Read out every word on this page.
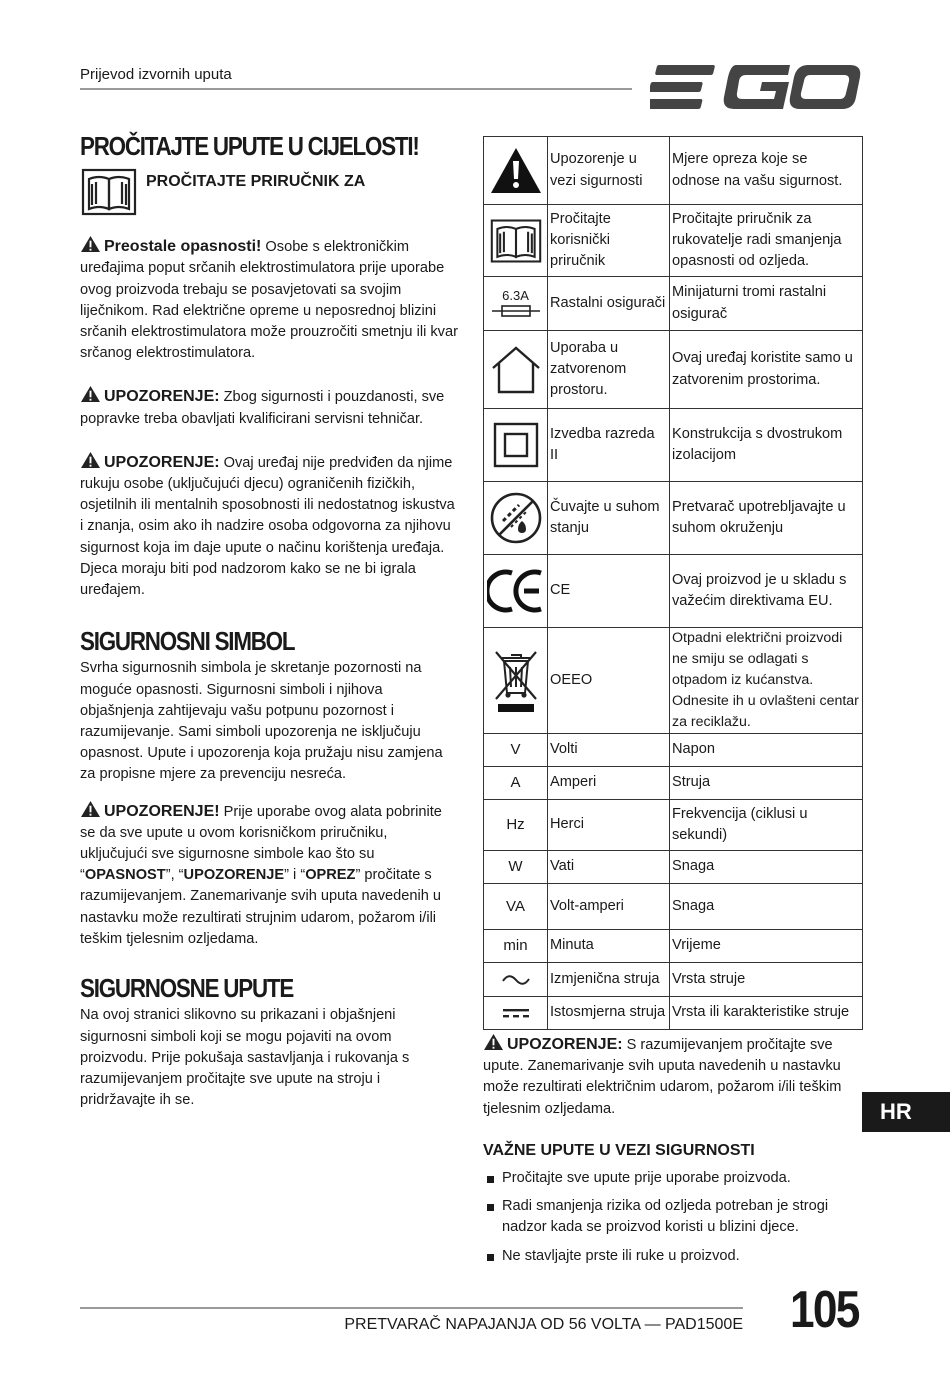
Prijevod izvornih uputa
PROČITAJTE UPUTE U CIJELOSTI!
PROČITAJTE PRIRUČNIK ZA

Preostale opasnosti! Osobe s elektroničkim uređajima poput srčanih elektrostimulatora prije uporabe ovog proizvoda trebaju se posavjetovati sa svojim liječnikom. Rad električne opreme u neposrednoj blizini srčanih elektrostimulatora može prouzročiti smetnju ili kvar srčanog elektrostimulatora.

UPOZORENJE: Zbog sigurnosti i pouzdanosti, sve popravke treba obavljati kvalificirani servisni tehničar.

UPOZORENJE: Ovaj uređaj nije predviđen da njime rukuju osobe (uključujući djecu) ograničenih fizičkih, osjetilnih ili mentalnih sposobnosti ili nedostatnog iskustva i znanja, osim ako ih nadzire osoba odgovorna za njihovu sigurnost koja im daje upute o načinu korištenja uređaja. Djeca moraju biti pod nadzorom kako se ne bi igrala uređajem.

SIGURNOSNI SIMBOL

Svrha sigurnosnih simbola je skretanje pozornosti na moguće opasnosti. Sigurnosni simboli i njihova objašnjenja zahtijevaju vašu potpunu pozornost i razumijevanje. Sami simboli upozorenja ne isključuju opasnost. Upute i upozorenja koja pružaju nisu zamjena za propisne mjere za prevenciju nesreća.

UPOZORENJE! Prije uporabe ovog alata pobrinite se da sve upute u ovom korisničkom priručniku, uključujući sve sigurnosne simbole kao što su “OPASNOST”, “UPOZORENJE” i “OPREZ” pročitate s razumijevanjem. Zanemarivanje svih uputa navedenih u nastavku može rezultirati strujnim udarom, požarom i/ili teškim tjelesnim ozljedama.

SIGURNOSNE UPUTE

Na ovoj stranici slikovno su prikazani i objašnjeni sigurnosni simboli koji se mogu pojaviti na ovom proizvodu. Prije pokušaja sastavljanja i rukovanja s razumijevanjem pročitajte sve upute na stroju i pridržavajte ih se.

	Upozorenje u vezi sigurnosti	Mjere opreza koje se odnose na vašu sigurnost.

	Pročitajte korisnički priručnik	Pročitajte priručnik za rukovatelje radi smanjenja opasnosti od ozljeda.

6.3A	Rastalni osigurači	Minijaturni tromi rastalni osigurač

	Uporaba u zatvorenom prostoru.	Ovaj uređaj koristite samo u zatvorenim prostorima.

	Izvedba razreda II	Konstrukcija s dvostrukom izolacijom

	Čuvajte u suhom stanju	Pretvarač upotrebljavajte u suhom okruženju

	CE	Ovaj proizvod je u skladu s važećim direktivama EU.

	OEEO	Otpadni električni proizvodi ne smiju se odlagati s otpadom iz kućanstva. Odnesite ih u ovlašteni centar za reciklažu.
V	Volti	Napon
A	Amperi	Struja
Hz	Herci	Frekvencija (ciklusi u sekundi)
W	Vati	Snaga
VA	Volt-amperi	Snaga
min	Minuta	Vrijeme

	Izmjenična struja	Vrsta struje

	Istosmjerna struja	Vrsta ili karakteristike struje

UPOZORENJE: S razumijevanjem pročitajte sve upute. Zanemarivanje svih uputa navedenih u nastavku može rezultirati električnim udarom, požarom i/ili teškim tjelesnim ozljedama.

VAŽNE UPUTE U VEZI SIGURNOSTI
Pročitajte sve upute prije uporabe proizvoda.
Radi smanjenja rizika od ozljeda potreban je strogi nadzor kada se proizvod koristi u blizini djece.
Ne stavljajte prste ili ruke u proizvod.
HR
PRETVARAČ NAPAJANJA OD 56 VOLTA — PAD1500E 105
